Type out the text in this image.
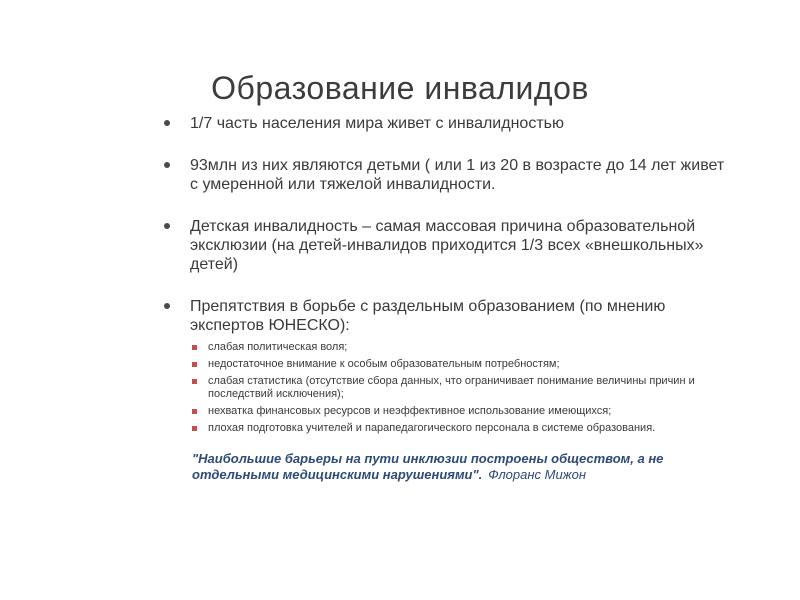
Образование инвалидов
1/7 часть населения мира живет с инвалидностью
93млн из них являются детьми ( или 1 из 20 в возрасте до 14 лет живет с умеренной или тяжелой инвалидности.
Детская инвалидность – самая массовая причина образовательной эксклюзии (на детей-инвалидов приходится 1/3 всех «внешкольных» детей)
Препятствия в борьбе с раздельным образованием (по мнению экспертов ЮНЕСКО):
слабая политическая воля;
недостаточное внимание к особым образовательным потребностям;
слабая статистика (отсутствие сбора данных, что ограничивает понимание величины причин и последствий исключения);
нехватка финансовых ресурсов и неэффективное использование имеющихся;
плохая подготовка учителей и парапедагогического персонала в системе образования.
"Наибольшие барьеры на пути инклюзии построены обществом, а не отдельными медицинскими нарушениями". Флоранс Мижон
